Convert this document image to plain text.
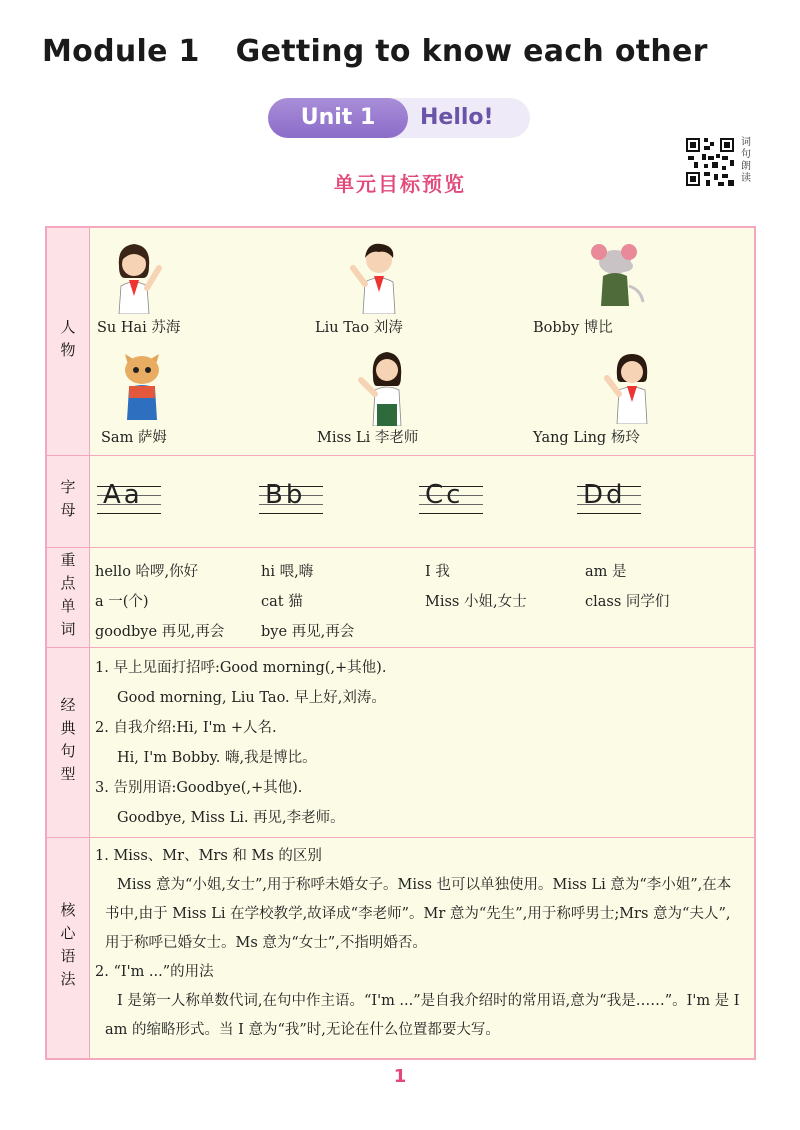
Module 1 Getting to know each other
Unit 1	Hello!
词句朗读
单元目标预览
人物 Su Hai 苏海	Liu Tao 刘涛	Bobby 博比
Sam 萨姆	Miss Li 李老师	Yang Ling 杨玲
字母 Aa	Bb	Cc	Dd
重点单词 hello 哈啰,你好	hi 喂,嗨	I 我	am 是
a 一(个)	cat 猫	Miss 小姐,女士	class 同学们
goodbye 再见,再会	bye 再见,再会
经典句型
1. 早上见面打招呼:Good morning(,+其他).
Good morning, Liu Tao. 早上好,刘涛。
2. 自我介绍:Hi, I'm +人名.
Hi, I'm Bobby. 嗨,我是博比。
3. 告别用语:Goodbye(,+其他).
Goodbye, Miss Li. 再见,李老师。
核心语法
1. Miss、Mr、Mrs 和 Ms 的区别
Miss 意为“小姐,女士”,用于称呼未婚女子。Miss 也可以单独使用。Miss Li 意为“李小姐”,在本书中,由于 Miss Li 在学校教学,故译成“李老师”。Mr 意为“先生”,用于称呼男士;Mrs 意为“夫人”,用于称呼已婚女士。Ms 意为“女士”,不指明婚否。
2. “I'm ...”的用法
I 是第一人称单数代词,在句中作主语。“I'm ...”是自我介绍时的常用语,意为“我是……”。I'm 是 I am 的缩略形式。当 I 意为“我”时,无论在什么位置都要大写。
1
